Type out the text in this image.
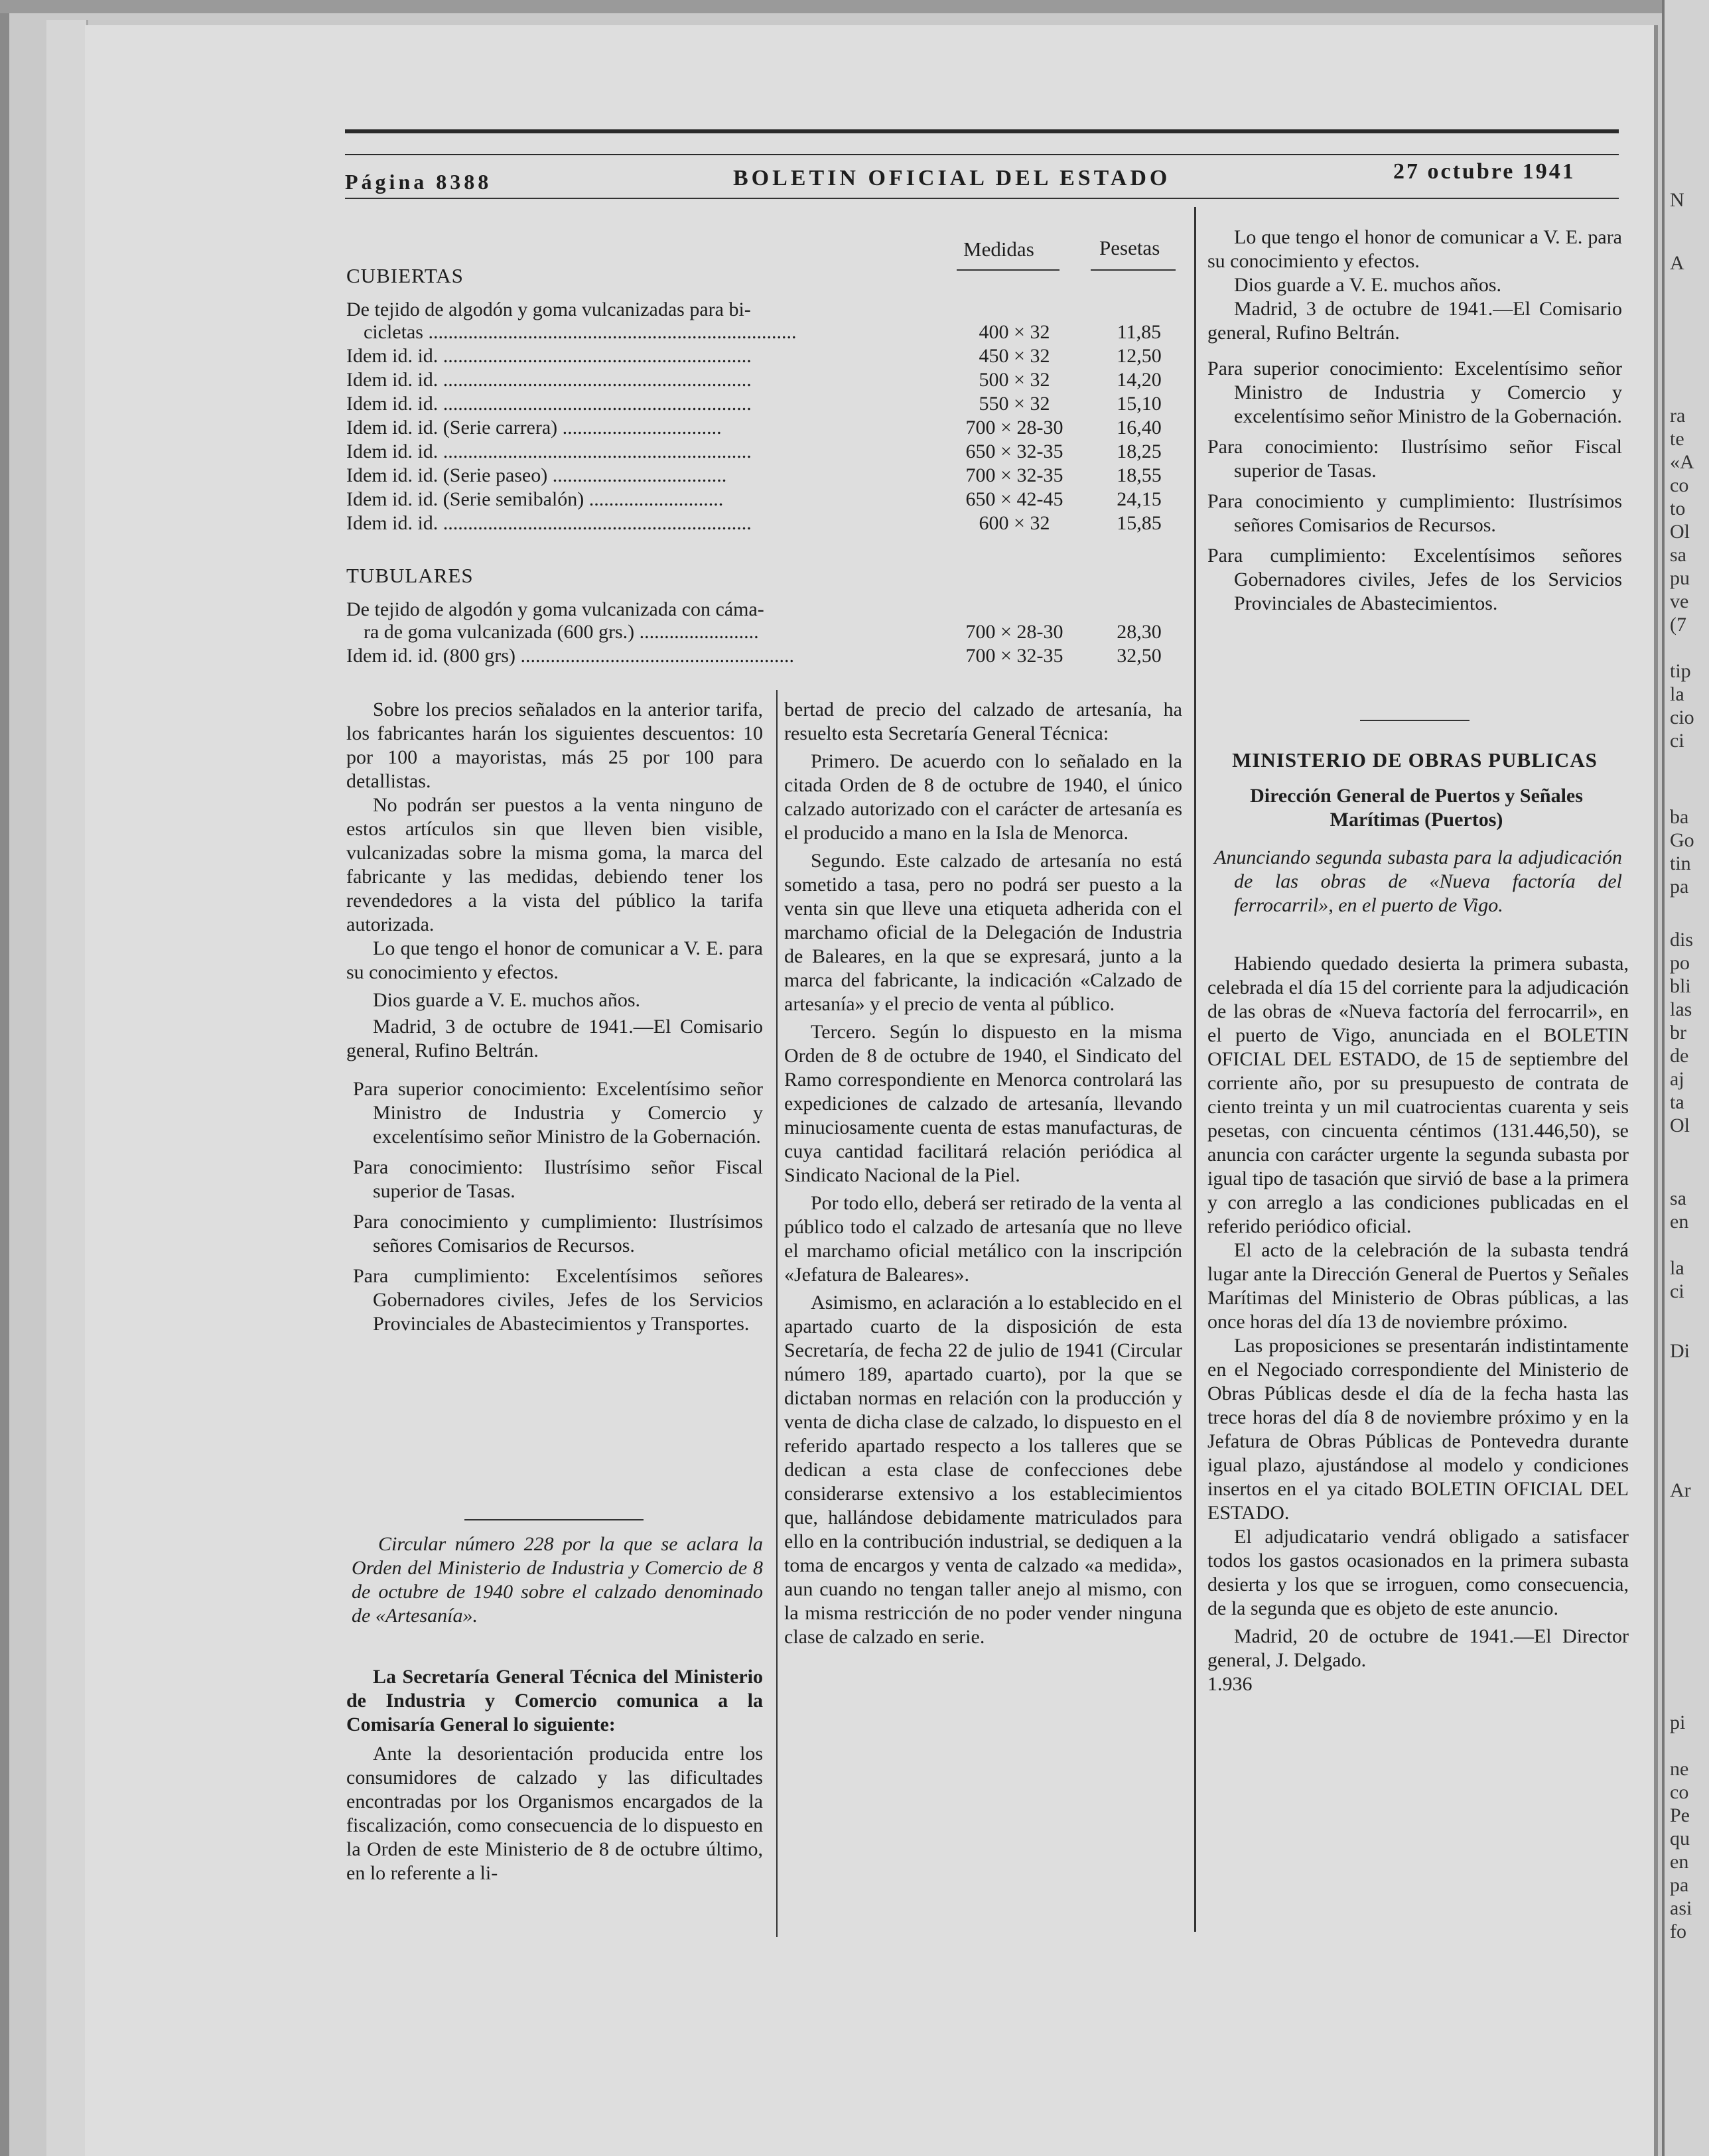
N
A
ra
te
«A
co
to
Ol
sa
pu
ve
(7
tip
la
cio
ci
ba
Go
tin
pa
dis
po
bli
las
br
de
aj
ta
Ol
sa
en
la
ci
Di
Ar
pi
ne
co
Pe
qu
en
pa
asi
fo
Página 8388	BOLETIN OFICIAL DEL ESTADO	27 octubre 1941
Medidas	Pesetas
CUBIERTAS
De tejido de algodón y goma vulcanizadas para bi-
cicletas ..........................................................................	400 × 32	11,85
Idem id. id. ..............................................................	450 × 32	12,50
Idem id. id. ..............................................................	500 × 32	14,20
Idem id. id. ..............................................................	550 × 32	15,10
Idem id. id. (Serie carrera) ................................	700 × 28-30	16,40
Idem id. id. ..............................................................	650 × 32-35	18,25
Idem id. id. (Serie paseo) ...................................	700 × 32-35	18,55
Idem id. id. (Serie semibalón) ...........................	650 × 42-45	24,15
Idem id. id. ..............................................................	600 × 32	15,85
TUBULARES
De tejido de algodón y goma vulcanizada con cáma-
ra de goma vulcanizada (600 grs.) ........................	700 × 28-30	28,30
Idem id. id. (800 grs) .......................................................	700 × 32-35	32,50

Sobre los precios señalados en la anterior tarifa, los fabricantes harán los siguientes descuentos: 10 por 100 a mayoristas, más 25 por 100 para detallistas.

No podrán ser puestos a la venta ninguno de estos artículos sin que lleven bien visible, vulcanizadas sobre la misma goma, la marca del fabricante y las medidas, debiendo tener los revendedores a la vista del público la tarifa autorizada.

Lo que tengo el honor de comunicar a V. E. para su conocimiento y efectos.

Dios guarde a V. E. muchos años.

Madrid, 3 de octubre de 1941.—El Comisario general, Rufino Beltrán.

Para superior conocimiento: Excelentísimo señor Ministro de Industria y Comercio y excelentísimo señor Ministro de la Gobernación.

Para conocimiento: Ilustrísimo señor Fiscal superior de Tasas.

Para conocimiento y cumplimiento: Ilustrísimos señores Comisarios de Recursos.

Para cumplimiento: Excelentísimos señores Gobernadores civiles, Jefes de los Servicios Provinciales de Abastecimientos y Transportes.

Circular número 228 por la que se aclara la Orden del Ministerio de Industria y Comercio de 8 de octubre de 1940 sobre el calzado denominado de «Artesanía».

La Secretaría General Técnica del Ministerio de Industria y Comercio comunica a la Comisaría General lo siguiente:

Ante la desorientación producida entre los consumidores de calzado y las dificultades encontradas por los Organismos encargados de la fiscalización, como consecuencia de lo dispuesto en la Orden de este Ministerio de 8 de octubre último, en lo referente a li-

bertad de precio del calzado de artesanía, ha resuelto esta Secretaría General Técnica:

Primero. De acuerdo con lo señalado en la citada Orden de 8 de octubre de 1940, el único calzado autorizado con el carácter de artesanía es el producido a mano en la Isla de Menorca.

Segundo. Este calzado de artesanía no está sometido a tasa, pero no podrá ser puesto a la venta sin que lleve una etiqueta adherida con el marchamo oficial de la Delegación de Industria de Baleares, en la que se expresará, junto a la marca del fabricante, la indicación «Calzado de artesanía» y el precio de venta al público.

Tercero. Según lo dispuesto en la misma Orden de 8 de octubre de 1940, el Sindicato del Ramo correspondiente en Menorca controlará las expediciones de calzado de artesanía, llevando minuciosamente cuenta de estas manufacturas, de cuya cantidad facilitará relación periódica al Sindicato Nacional de la Piel.

Por todo ello, deberá ser retirado de la venta al público todo el calzado de artesanía que no lleve el marchamo oficial metálico con la inscripción «Jefatura de Baleares».

Asimismo, en aclaración a lo establecido en el apartado cuarto de la disposición de esta Secretaría, de fecha 22 de julio de 1941 (Circular número 189, apartado cuarto), por la que se dictaban normas en relación con la producción y venta de dicha clase de calzado, lo dispuesto en el referido apartado respecto a los talleres que se dedican a esta clase de confecciones debe considerarse extensivo a los establecimientos que, hallándose debidamente matriculados para ello en la contribución industrial, se dediquen a la toma de encargos y venta de calzado «a medida», aun cuando no tengan taller anejo al mismo, con la misma restricción de no poder vender ninguna clase de calzado en serie.

Lo que tengo el honor de comunicar a V. E. para su conocimiento y efectos.

Dios guarde a V. E. muchos años.

Madrid, 3 de octubre de 1941.—El Comisario general, Rufino Beltrán.

Para superior conocimiento: Excelentísimo señor Ministro de Industria y Comercio y excelentísimo señor Ministro de la Gobernación.

Para conocimiento: Ilustrísimo señor Fiscal superior de Tasas.

Para conocimiento y cumplimiento: Ilustrísimos señores Comisarios de Recursos.

Para cumplimiento: Excelentísimos señores Gobernadores civiles, Jefes de los Servicios Provinciales de Abastecimientos.

MINISTERIO DE OBRAS PUBLICAS
Dirección General de Puertos y Señales Marítimas (Puertos)

Anunciando segunda subasta para la adjudicación de las obras de «Nueva factoría del ferrocarril», en el puerto de Vigo.

Habiendo quedado desierta la primera subasta, celebrada el día 15 del corriente para la adjudicación de las obras de «Nueva factoría del ferrocarril», en el puerto de Vigo, anunciada en el BOLETIN OFICIAL DEL ESTADO, de 15 de septiembre del corriente año, por su presupuesto de contrata de ciento treinta y un mil cuatrocientas cuarenta y seis pesetas, con cincuenta céntimos (131.446,50), se anuncia con carácter urgente la segunda subasta por igual tipo de tasación que sirvió de base a la primera y con arreglo a las condiciones publicadas en el referido periódico oficial.

El acto de la celebración de la subasta tendrá lugar ante la Dirección General de Puertos y Señales Marítimas del Ministerio de Obras públicas, a las once horas del día 13 de noviembre próximo.

Las proposiciones se presentarán indistintamente en el Negociado correspondiente del Ministerio de Obras Públicas desde el día de la fecha hasta las trece horas del día 8 de noviembre próximo y en la Jefatura de Obras Públicas de Pontevedra durante igual plazo, ajustándose al modelo y condiciones insertos en el ya citado BOLETIN OFICIAL DEL ESTADO.

El adjudicatario vendrá obligado a satisfacer todos los gastos ocasionados en la primera subasta desierta y los que se irroguen, como consecuencia, de la segunda que es objeto de este anuncio.

Madrid, 20 de octubre de 1941.—El Director general, J. Delgado.

1.936
